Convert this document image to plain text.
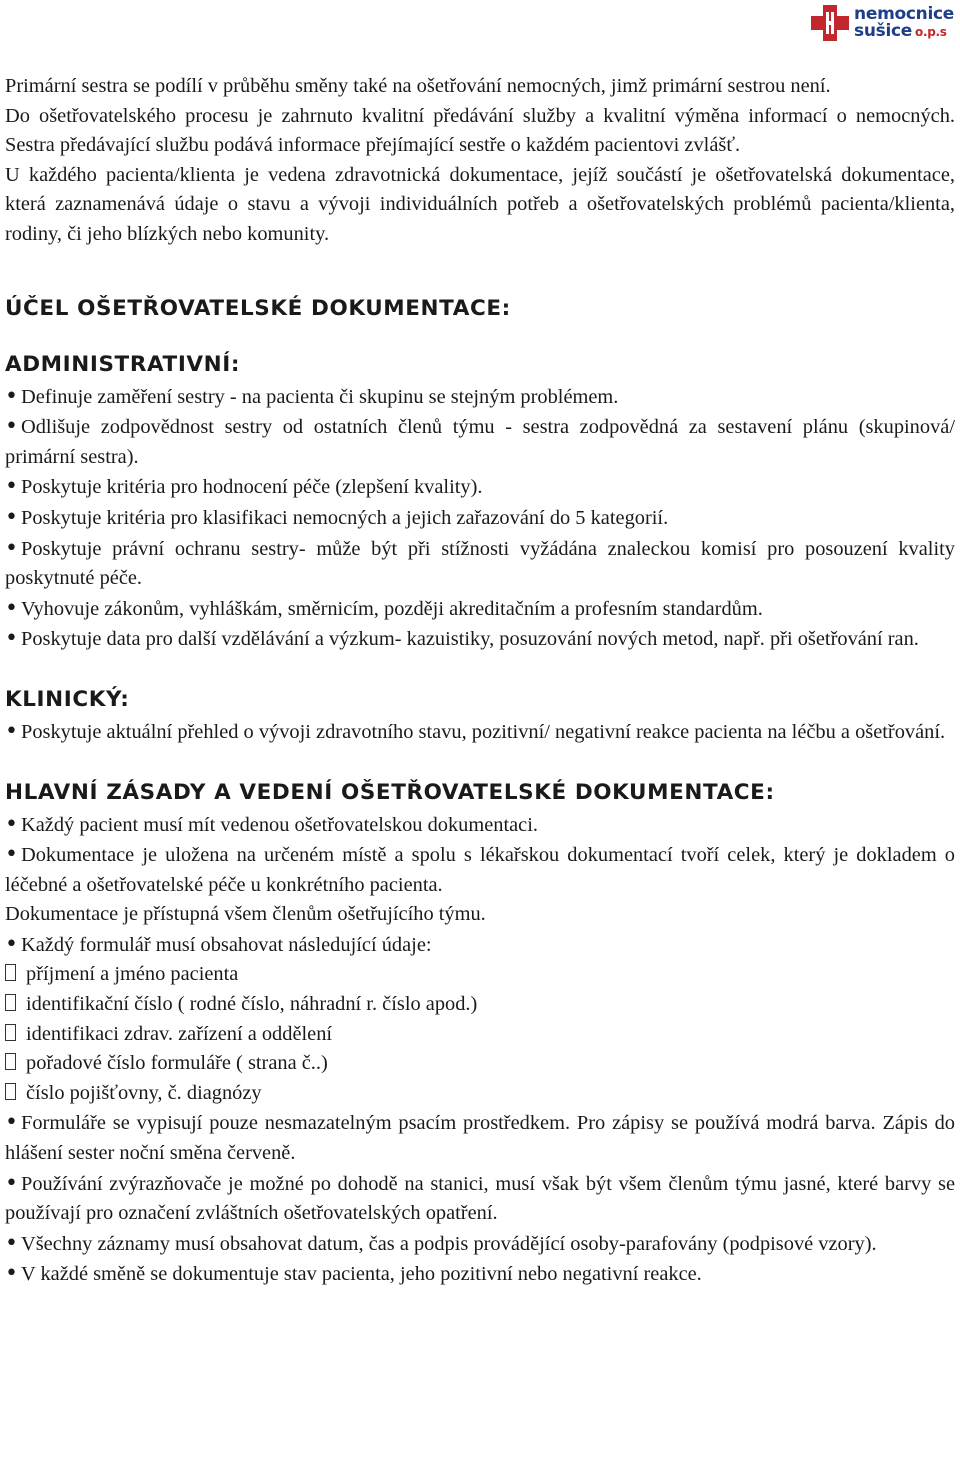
nemocnice
sušice o.p.s

Primární sestra se podílí v průběhu směny také na ošetřování nemocných, jimž primární sestrou není.

Do ošetřovatelského procesu je zahrnuto kvalitní předávání služby a kvalitní výměna informací o nemocných. Sestra předávající službu podává informace přejímající sestře o každém pacientovi zvlášť.

U každého pacienta/klienta je vedena zdravotnická dokumentace, jejíž součástí je ošetřovatelská dokumentace, která zaznamenává údaje o stavu a vývoji individuálních potřeb a ošetřovatelských problémů pacienta/klienta, rodiny, či jeho blízkých nebo komunity.

ÚČEL OŠETŘOVATELSKÉ DOKUMENTACE:
ADMINISTRATIVNÍ:

• Definuje zaměření sestry - na pacienta či skupinu se stejným problémem.

• Odlišuje zodpovědnost sestry od ostatních členů týmu - sestra zodpovědná za sestavení plánu (skupinová/ primární sestra).

• Poskytuje kritéria pro hodnocení péče (zlepšení kvality).

• Poskytuje kritéria pro klasifikaci nemocných a jejich zařazování do 5 kategorií.

• Poskytuje právní ochranu sestry- může být při stížnosti vyžádána znaleckou komisí pro posouzení kvality poskytnuté péče.

• Vyhovuje zákonům, vyhláškám, směrnicím, později akreditačním a profesním standardům.

• Poskytuje data pro další vzdělávání a výzkum- kazuistiky, posuzování nových metod, např. při ošetřování ran.

KLINICKÝ:

• Poskytuje aktuální přehled o vývoji zdravotního stavu, pozitivní/ negativní reakce pacienta na léčbu a ošetřování.

HLAVNÍ ZÁSADY A VEDENÍ OŠETŘOVATELSKÉ DOKUMENTACE:

• Každý pacient musí mít vedenou ošetřovatelskou dokumentaci.

• Dokumentace je uložena na určeném místě a spolu s lékařskou dokumentací tvoří celek, který je dokladem o léčebné a ošetřovatelské péče u konkrétního pacienta.

Dokumentace je přístupná všem členům ošetřujícího týmu.

• Každý formulář musí obsahovat následující údaje:

příjmení a jméno pacienta

identifikační číslo ( rodné číslo, náhradní r. číslo apod.)

identifikaci zdrav. zařízení a oddělení

pořadové číslo formuláře ( strana č..)

číslo pojišťovny, č. diagnózy

• Formuláře se vypisují pouze nesmazatelným psacím prostředkem. Pro zápisy se používá modrá barva. Zápis do hlášení sester noční směna červeně.

• Používání zvýrazňovače je možné po dohodě na stanici, musí však být všem členům týmu jasné, které barvy se používají pro označení zvláštních ošetřovatelských opatření.

• Všechny záznamy musí obsahovat datum, čas a podpis provádějící osoby-parafovány (podpisové vzory).

• V každé směně se dokumentuje stav pacienta, jeho pozitivní nebo negativní reakce.
